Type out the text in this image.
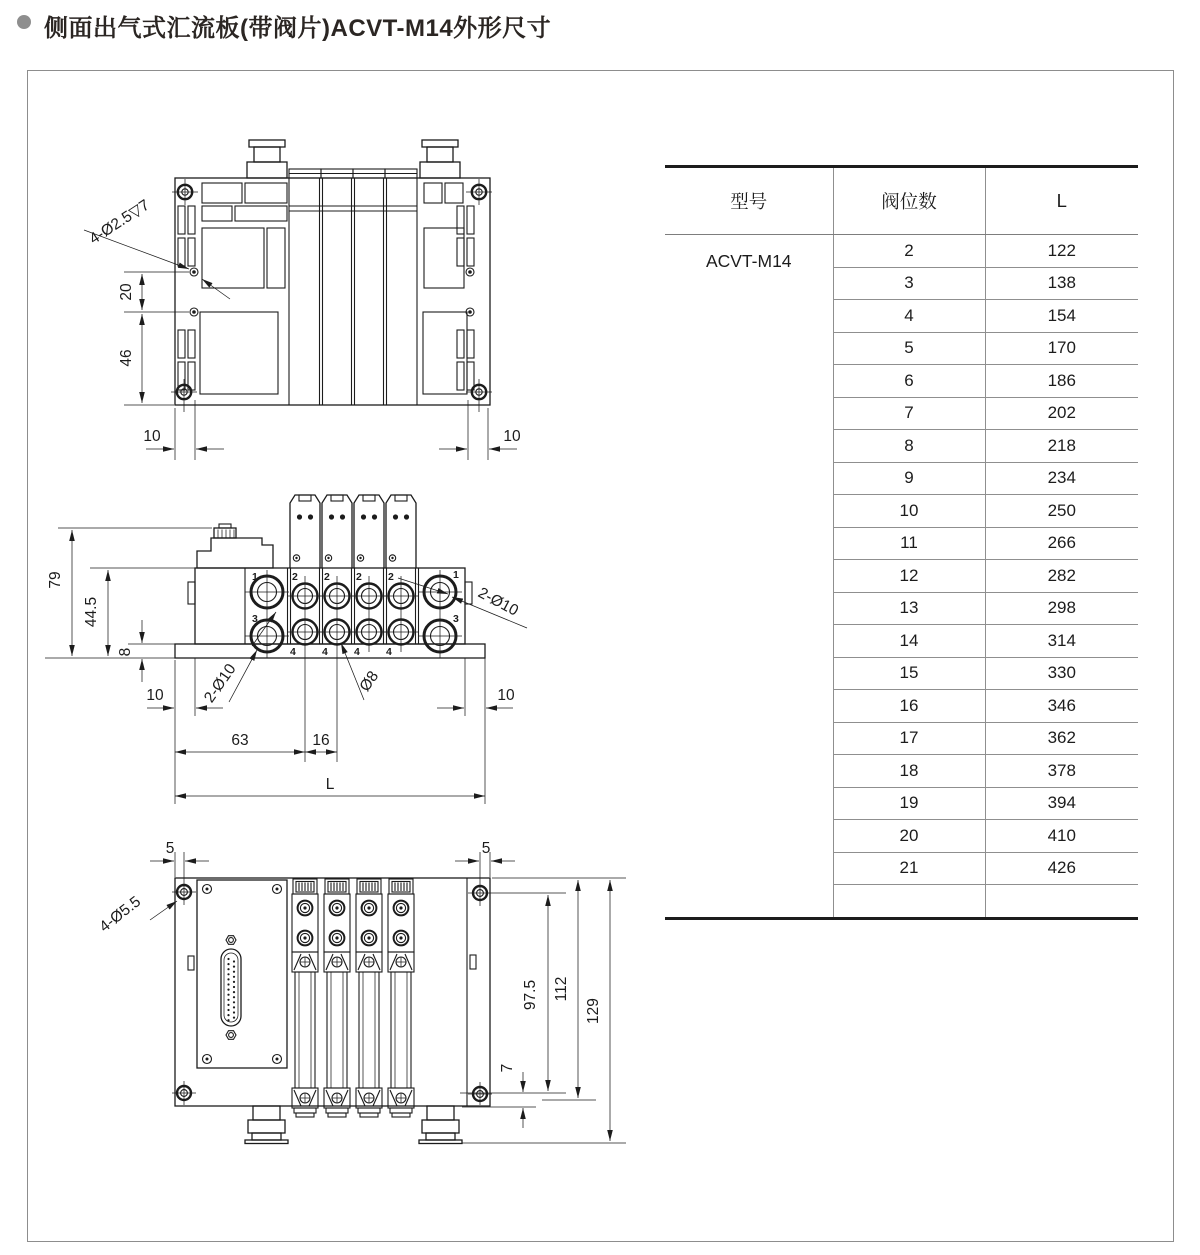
侧面出气式汇流板(带阀片)ACVT-M14外形尺寸
4-Ø2.5▽7
20
46
10	10
1
3
1
3
2 2 2 2
4 4 4 4
79
44.5
8
10	10
63	16
L
2-Ø10
2-Ø10	Ø8
5	5
4-Ø5.5
97.5 112
129
7
型号	阀位数	L
ACVT-M14	2	122
	3	138
	4	154
	5	170
	6	186
	7	202
	8	218
	9	234
	10	250
	11	266
	12	282
	13	298
	14	314
	15	330
	16	346
	17	362
	18	378
	19	394
	20	410
	21	426
